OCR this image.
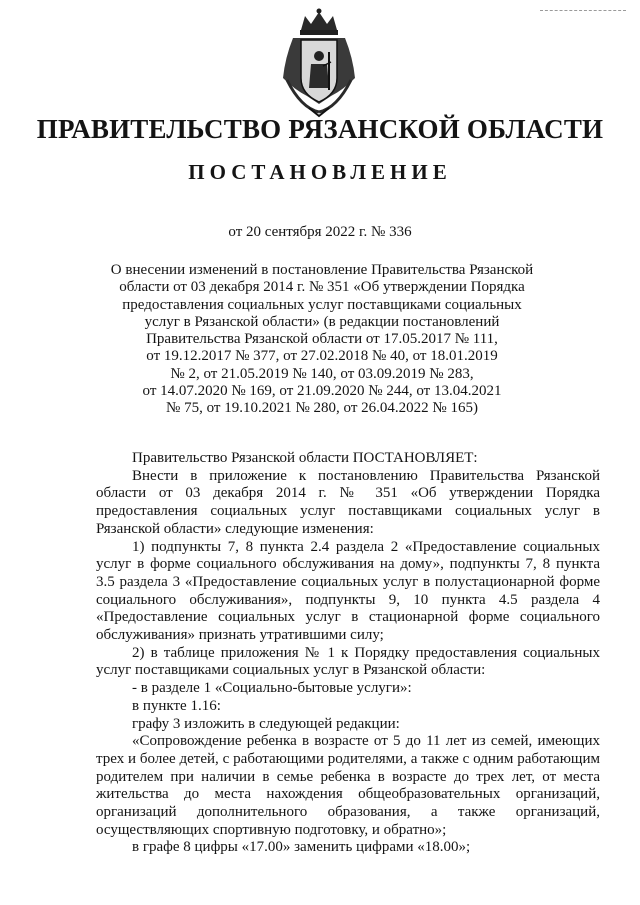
ПРАВИТЕЛЬСТВО РЯЗАНСКОЙ ОБЛАСТИ
ПОСТАНОВЛЕНИЕ
от 20 сентября 2022 г. № 336

О внесении изменений в постановление Правительства Рязанской
области от 03 декабря 2014 г. № 351 «Об утверждении Порядка
предоставления социальных услуг поставщиками социальных
услуг в Рязанской области» (в редакции постановлений
Правительства Рязанской области от 17.05.2017 № 111,
от 19.12.2017 № 377, от 27.02.2018 № 40, от 18.01.2019
№ 2, от 21.05.2019 № 140, от 03.09.2019 № 283,
от 14.07.2020 № 169, от 21.09.2020 № 244, от 13.04.2021
№ 75, от 19.10.2021 № 280, от 26.04.2022 № 165)

Правительство Рязанской области ПОСТАНОВЛЯЕТ:

Внести в приложение к постановлению Правительства Рязанской области от 03 декабря 2014 г. № 351 «Об утверждении Порядка предоставления социальных услуг поставщиками социальных услуг в Рязанской области» следующие изменения:

1) подпункты 7, 8 пункта 2.4 раздела 2 «Предоставление социальных услуг в форме социального обслуживания на дому», подпункты 7, 8 пункта 3.5 раздела 3 «Предоставление социальных услуг в полустационарной форме социального обслуживания», подпункты 9, 10 пункта 4.5 раздела 4 «Предоставление социальных услуг в стационарной форме социального обслуживания» признать утратившими силу;

2) в таблице приложения № 1 к Порядку предоставления социальных услуг поставщиками социальных услуг в Рязанской области:

- в разделе 1 «Социально-бытовые услуги»:

в пункте 1.16:

графу 3 изложить в следующей редакции:

«Сопровождение ребенка в возрасте от 5 до 11 лет из семей, имеющих трех и более детей, с работающими родителями, а также с одним работающим родителем при наличии в семье ребенка в возрасте до трех лет, от места жительства до места нахождения общеобразовательных организаций, организаций дополнительного образования, а также организаций, осуществляющих спортивную подготовку, и обратно»;

в графе 8 цифры «17.00» заменить цифрами «18.00»;
